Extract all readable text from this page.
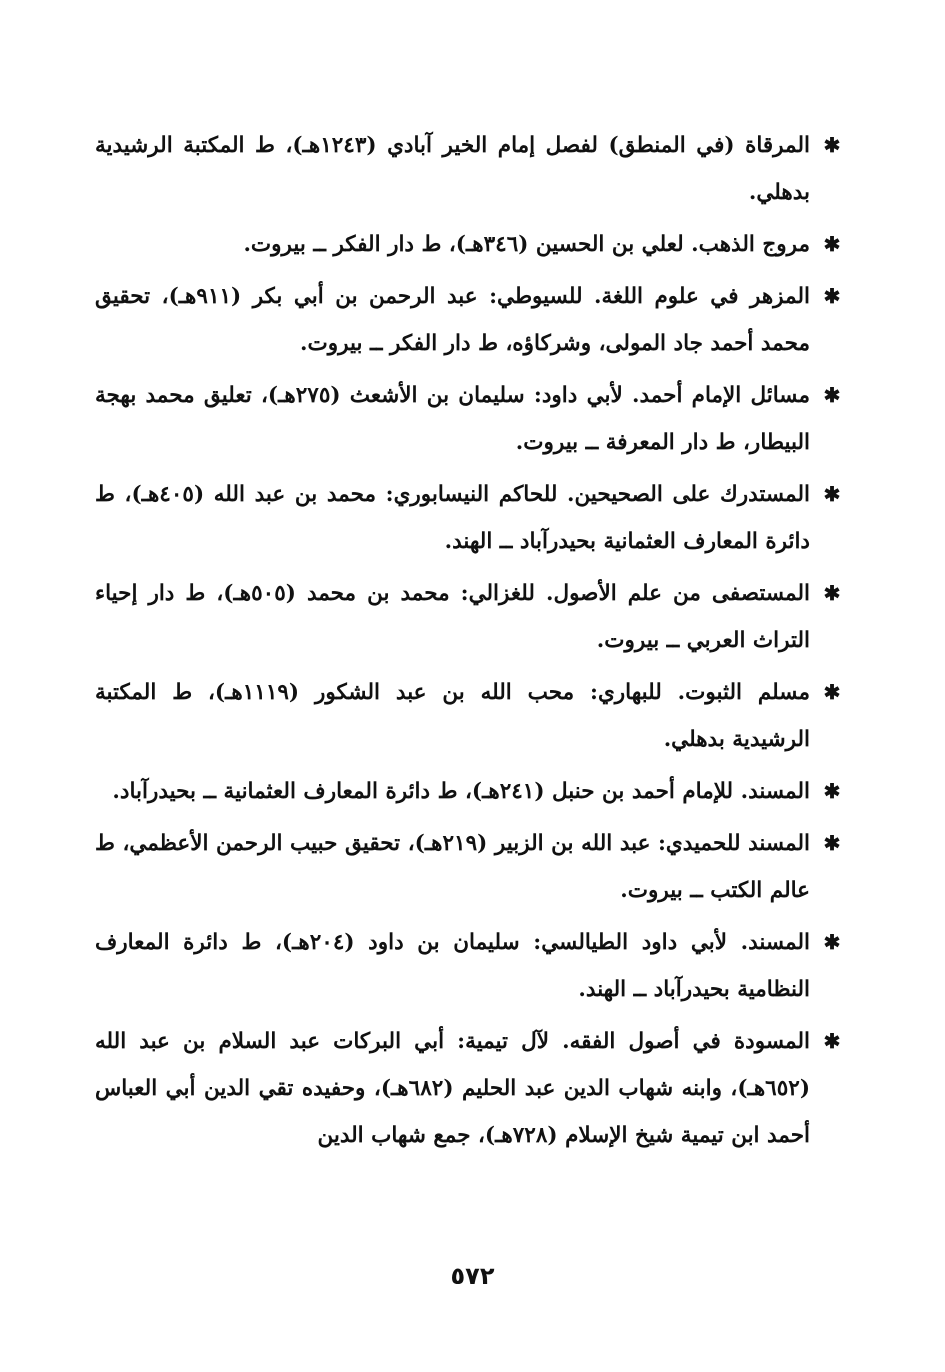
✱
المرقاة (في المنطق) لفصل إمام الخير آبادي (١٢٤٣هـ)، ط المكتبة الرشيدية بدهلي.
✱
مروج الذهب. لعلي بن الحسين (٣٤٦هـ)، ط دار الفكر ــ بيروت.
✱
المزهر في علوم اللغة. للسيوطي: عبد الرحمن بن أبي بكر (٩١١هـ)، تحقيق محمد أحمد جاد المولى، وشركاؤه، ط دار الفكر ــ بيروت.
✱
مسائل الإمام أحمد. لأبي داود: سليمان بن الأشعث (٢٧٥هـ)، تعليق محمد بهجة البيطار، ط دار المعرفة ــ بيروت.
✱
المستدرك على الصحيحين. للحاكم النيسابوري: محمد بن عبد الله (٤٠٥هـ)، ط دائرة المعارف العثمانية بحيدرآباد ــ الهند.
✱
المستصفى من علم الأصول. للغزالي: محمد بن محمد (٥٠٥هـ)، ط دار إحياء التراث العربي ــ بيروت.
✱
مسلم الثبوت. للبهاري: محب الله بن عبد الشكور (١١١٩هـ)، ط المكتبة الرشيدية بدهلي.
✱
المسند. للإمام أحمد بن حنبل (٢٤١هـ)، ط دائرة المعارف العثمانية ــ بحيدرآباد.
✱
المسند للحميدي: عبد الله بن الزبير (٢١٩هـ)، تحقيق حبيب الرحمن الأعظمي، ط عالم الكتب ــ بيروت.
✱
المسند. لأبي داود الطيالسي: سليمان بن داود (٢٠٤هـ)، ط دائرة المعارف النظامية بحيدرآباد ــ الهند.
✱
المسودة في أصول الفقه. لآل تيمية: أبي البركات عبد السلام بن عبد الله (٦٥٢هـ)، وابنه شهاب الدين عبد الحليم (٦٨٢هـ)، وحفيده تقي الدين أبي العباس أحمد ابن تيمية شيخ الإسلام (٧٢٨هـ)، جمع شهاب الدين
٥٧٢
